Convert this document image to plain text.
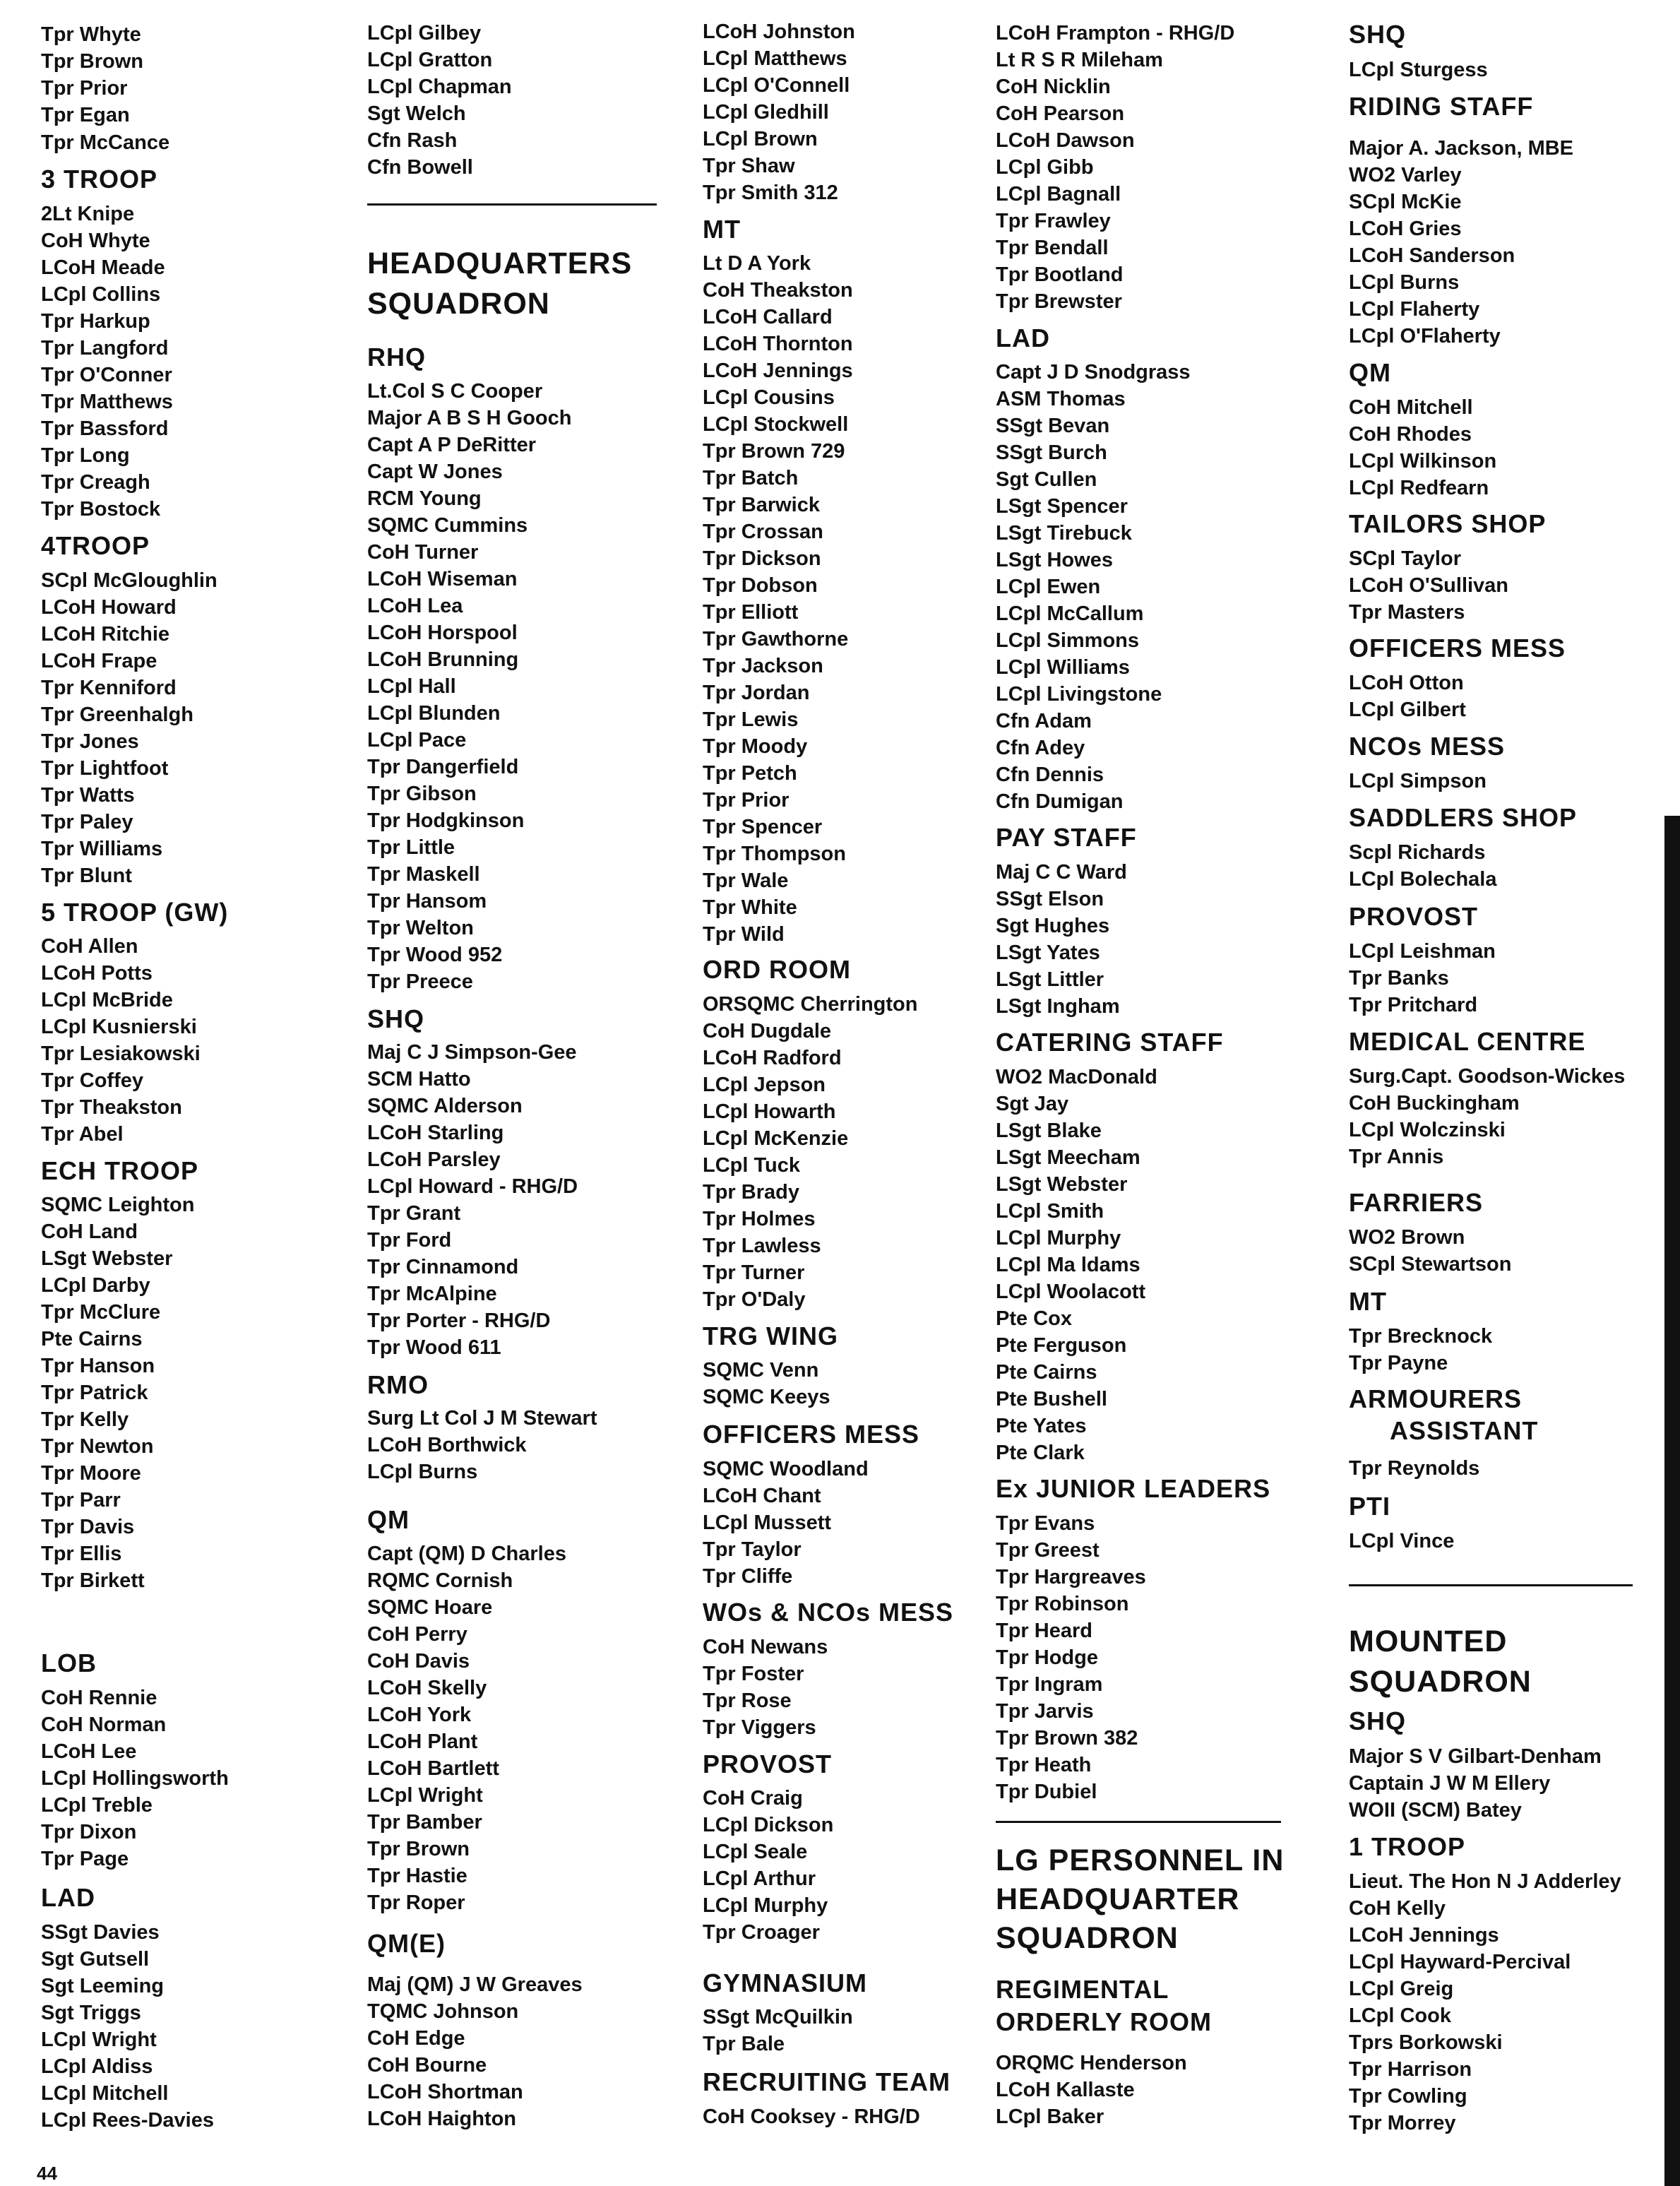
Tpr Whyte
Tpr Brown
Tpr Prior
Tpr Egan
Tpr McCance
3 TROOP
2Lt Knipe
CoH Whyte
LCoH Meade
LCpl Collins
Tpr Harkup
Tpr Langford
Tpr O'Conner
Tpr Matthews
Tpr Bassford
Tpr Long
Tpr Creagh
Tpr Bostock
4TROOP
SCpl McGloughlin
LCoH Howard
LCoH Ritchie
LCoH Frape
Tpr Kenniford
Tpr Greenhalgh
Tpr Jones
Tpr Lightfoot
Tpr Watts
Tpr Paley
Tpr Williams
Tpr Blunt
5 TROOP (GW)
CoH Allen
LCoH Potts
LCpl McBride
LCpl Kusnierski
Tpr Lesiakowski
Tpr Coffey
Tpr Theakston
Tpr Abel
ECH TROOP
SQMC Leighton
CoH Land
LSgt Webster
LCpl Darby
Tpr McClure
Pte Cairns
Tpr Hanson
Tpr Patrick
Tpr Kelly
Tpr Newton
Tpr Moore
Tpr Parr
Tpr Davis
Tpr Ellis
Tpr Birkett
LOB
CoH Rennie
CoH Norman
LCoH Lee
LCpl Hollingsworth
LCpl Treble
Tpr Dixon
Tpr Page
LAD
SSgt Davies
Sgt Gutsell
Sgt Leeming
Sgt Triggs
LCpl Wright
LCpl Aldiss
LCpl Mitchell
LCpl Rees-Davies
LCpl Gilbey
LCpl Gratton
LCpl Chapman
Sgt Welch
Cfn Rash
Cfn Bowell
HEADQUARTERS
SQUADRON
RHQ
Lt.Col S C Cooper
Major A B S H Gooch
Capt A P DeRitter
Capt W Jones
RCM Young
SQMC Cummins
CoH Turner
LCoH Wiseman
LCoH Lea
LCoH Horspool
LCoH Brunning
LCpl Hall
LCpl Blunden
LCpl Pace
Tpr Dangerfield
Tpr Gibson
Tpr Hodgkinson
Tpr Little
Tpr Maskell
Tpr Hansom
Tpr Welton
Tpr Wood 952
Tpr Preece
SHQ
Maj C J Simpson-Gee
SCM Hatto
SQMC Alderson
LCoH Starling
LCoH Parsley
LCpl Howard - RHG/D
Tpr Grant
Tpr Ford
Tpr Cinnamond
Tpr McAlpine
Tpr Porter - RHG/D
Tpr Wood 611
RMO
Surg Lt Col J M Stewart
LCoH Borthwick
LCpl Burns
QM
Capt (QM) D Charles
RQMC Cornish
SQMC Hoare
CoH Perry
CoH Davis
LCoH Skelly
LCoH York
LCoH Plant
LCoH Bartlett
LCpl Wright
Tpr Bamber
Tpr Brown
Tpr Hastie
Tpr Roper
QM(E)
Maj (QM) J W Greaves
TQMC Johnson
CoH Edge
CoH Bourne
LCoH Shortman
LCoH Haighton
LCoH Johnston
LCpl Matthews
LCpl O'Connell
LCpl Gledhill
LCpl Brown
Tpr Shaw
Tpr Smith 312
MT
Lt D A York
CoH Theakston
LCoH Callard
LCoH Thornton
LCoH Jennings
LCpl Cousins
LCpl Stockwell
Tpr Brown 729
Tpr Batch
Tpr Barwick
Tpr Crossan
Tpr Dickson
Tpr Dobson
Tpr Elliott
Tpr Gawthorne
Tpr Jackson
Tpr Jordan
Tpr Lewis
Tpr Moody
Tpr Petch
Tpr Prior
Tpr Spencer
Tpr Thompson
Tpr Wale
Tpr White
Tpr Wild
ORD ROOM
ORSQMC Cherrington
CoH Dugdale
LCoH Radford
LCpl Jepson
LCpl Howarth
LCpl McKenzie
LCpl Tuck
Tpr Brady
Tpr Holmes
Tpr Lawless
Tpr Turner
Tpr O'Daly
TRG WING
SQMC Venn
SQMC Keeys
OFFICERS MESS
SQMC Woodland
LCoH Chant
LCpl Mussett
Tpr Taylor
Tpr Cliffe
WOs & NCOs MESS
CoH Newans
Tpr Foster
Tpr Rose
Tpr Viggers
PROVOST
CoH Craig
LCpl Dickson
LCpl Seale
LCpl Arthur
LCpl Murphy
Tpr Croager
GYMNASIUM
SSgt McQuilkin
Tpr Bale
RECRUITING TEAM
CoH Cooksey - RHG/D
LCoH Frampton - RHG/D
Lt R S R Mileham
CoH Nicklin
CoH Pearson
LCoH Dawson
LCpl Gibb
LCpl Bagnall
Tpr Frawley
Tpr Bendall
Tpr Bootland
Tpr Brewster
LAD
Capt J D Snodgrass
ASM Thomas
SSgt Bevan
SSgt Burch
Sgt Cullen
LSgt Spencer
LSgt Tirebuck
LSgt Howes
LCpl Ewen
LCpl McCallum
LCpl Simmons
LCpl Williams
LCpl Livingstone
Cfn Adam
Cfn Adey
Cfn Dennis
Cfn Dumigan
PAY STAFF
Maj C C Ward
SSgt Elson
Sgt Hughes
LSgt Yates
LSgt Littler
LSgt Ingham
CATERING STAFF
WO2 MacDonald
Sgt Jay
LSgt Blake
LSgt Meecham
LSgt Webster
LCpl Smith
LCpl Murphy
LCpl Ma ldams
LCpl Woolacott
Pte Cox
Pte Ferguson
Pte Cairns
Pte Bushell
Pte Yates
Pte Clark
Ex JUNIOR LEADERS
Tpr Evans
Tpr Greest
Tpr Hargreaves
Tpr Robinson
Tpr Heard
Tpr Hodge
Tpr Ingram
Tpr Jarvis
Tpr Brown 382
Tpr Heath
Tpr Dubiel
LG PERSONNEL IN
HEADQUARTER
SQUADRON
REGIMENTAL
ORDERLY ROOM
ORQMC Henderson
LCoH Kallaste
LCpl Baker
SHQ
LCpl Sturgess
RIDING STAFF
Major A. Jackson, MBE
WO2 Varley
SCpl McKie
LCoH Gries
LCoH Sanderson
LCpl Burns
LCpl Flaherty
LCpl O'Flaherty
QM
CoH Mitchell
CoH Rhodes
LCpl Wilkinson
LCpl Redfearn
TAILORS SHOP
SCpl Taylor
LCoH O'Sullivan
Tpr Masters
OFFICERS MESS
LCoH Otton
LCpl Gilbert
NCOs MESS
LCpl Simpson
SADDLERS SHOP
Scpl Richards
LCpl Bolechala
PROVOST
LCpl Leishman
Tpr Banks
Tpr Pritchard
MEDICAL CENTRE
Surg.Capt. Goodson-Wickes
CoH Buckingham
LCpl Wolczinski
Tpr Annis
FARRIERS
WO2 Brown
SCpl Stewartson
MT
Tpr Brecknock
Tpr Payne
ARMOURERS
ASSISTANT
Tpr Reynolds
PTI
LCpl Vince
MOUNTED
SQUADRON
SHQ
Major S V Gilbart-Denham
Captain J W M Ellery
WOII (SCM) Batey
1 TROOP
Lieut. The Hon N J Adderley
CoH Kelly
LCoH Jennings
LCpl Hayward-Percival
LCpl Greig
LCpl Cook
Tprs Borkowski
Tpr Harrison
Tpr Cowling
Tpr Morrey
44
